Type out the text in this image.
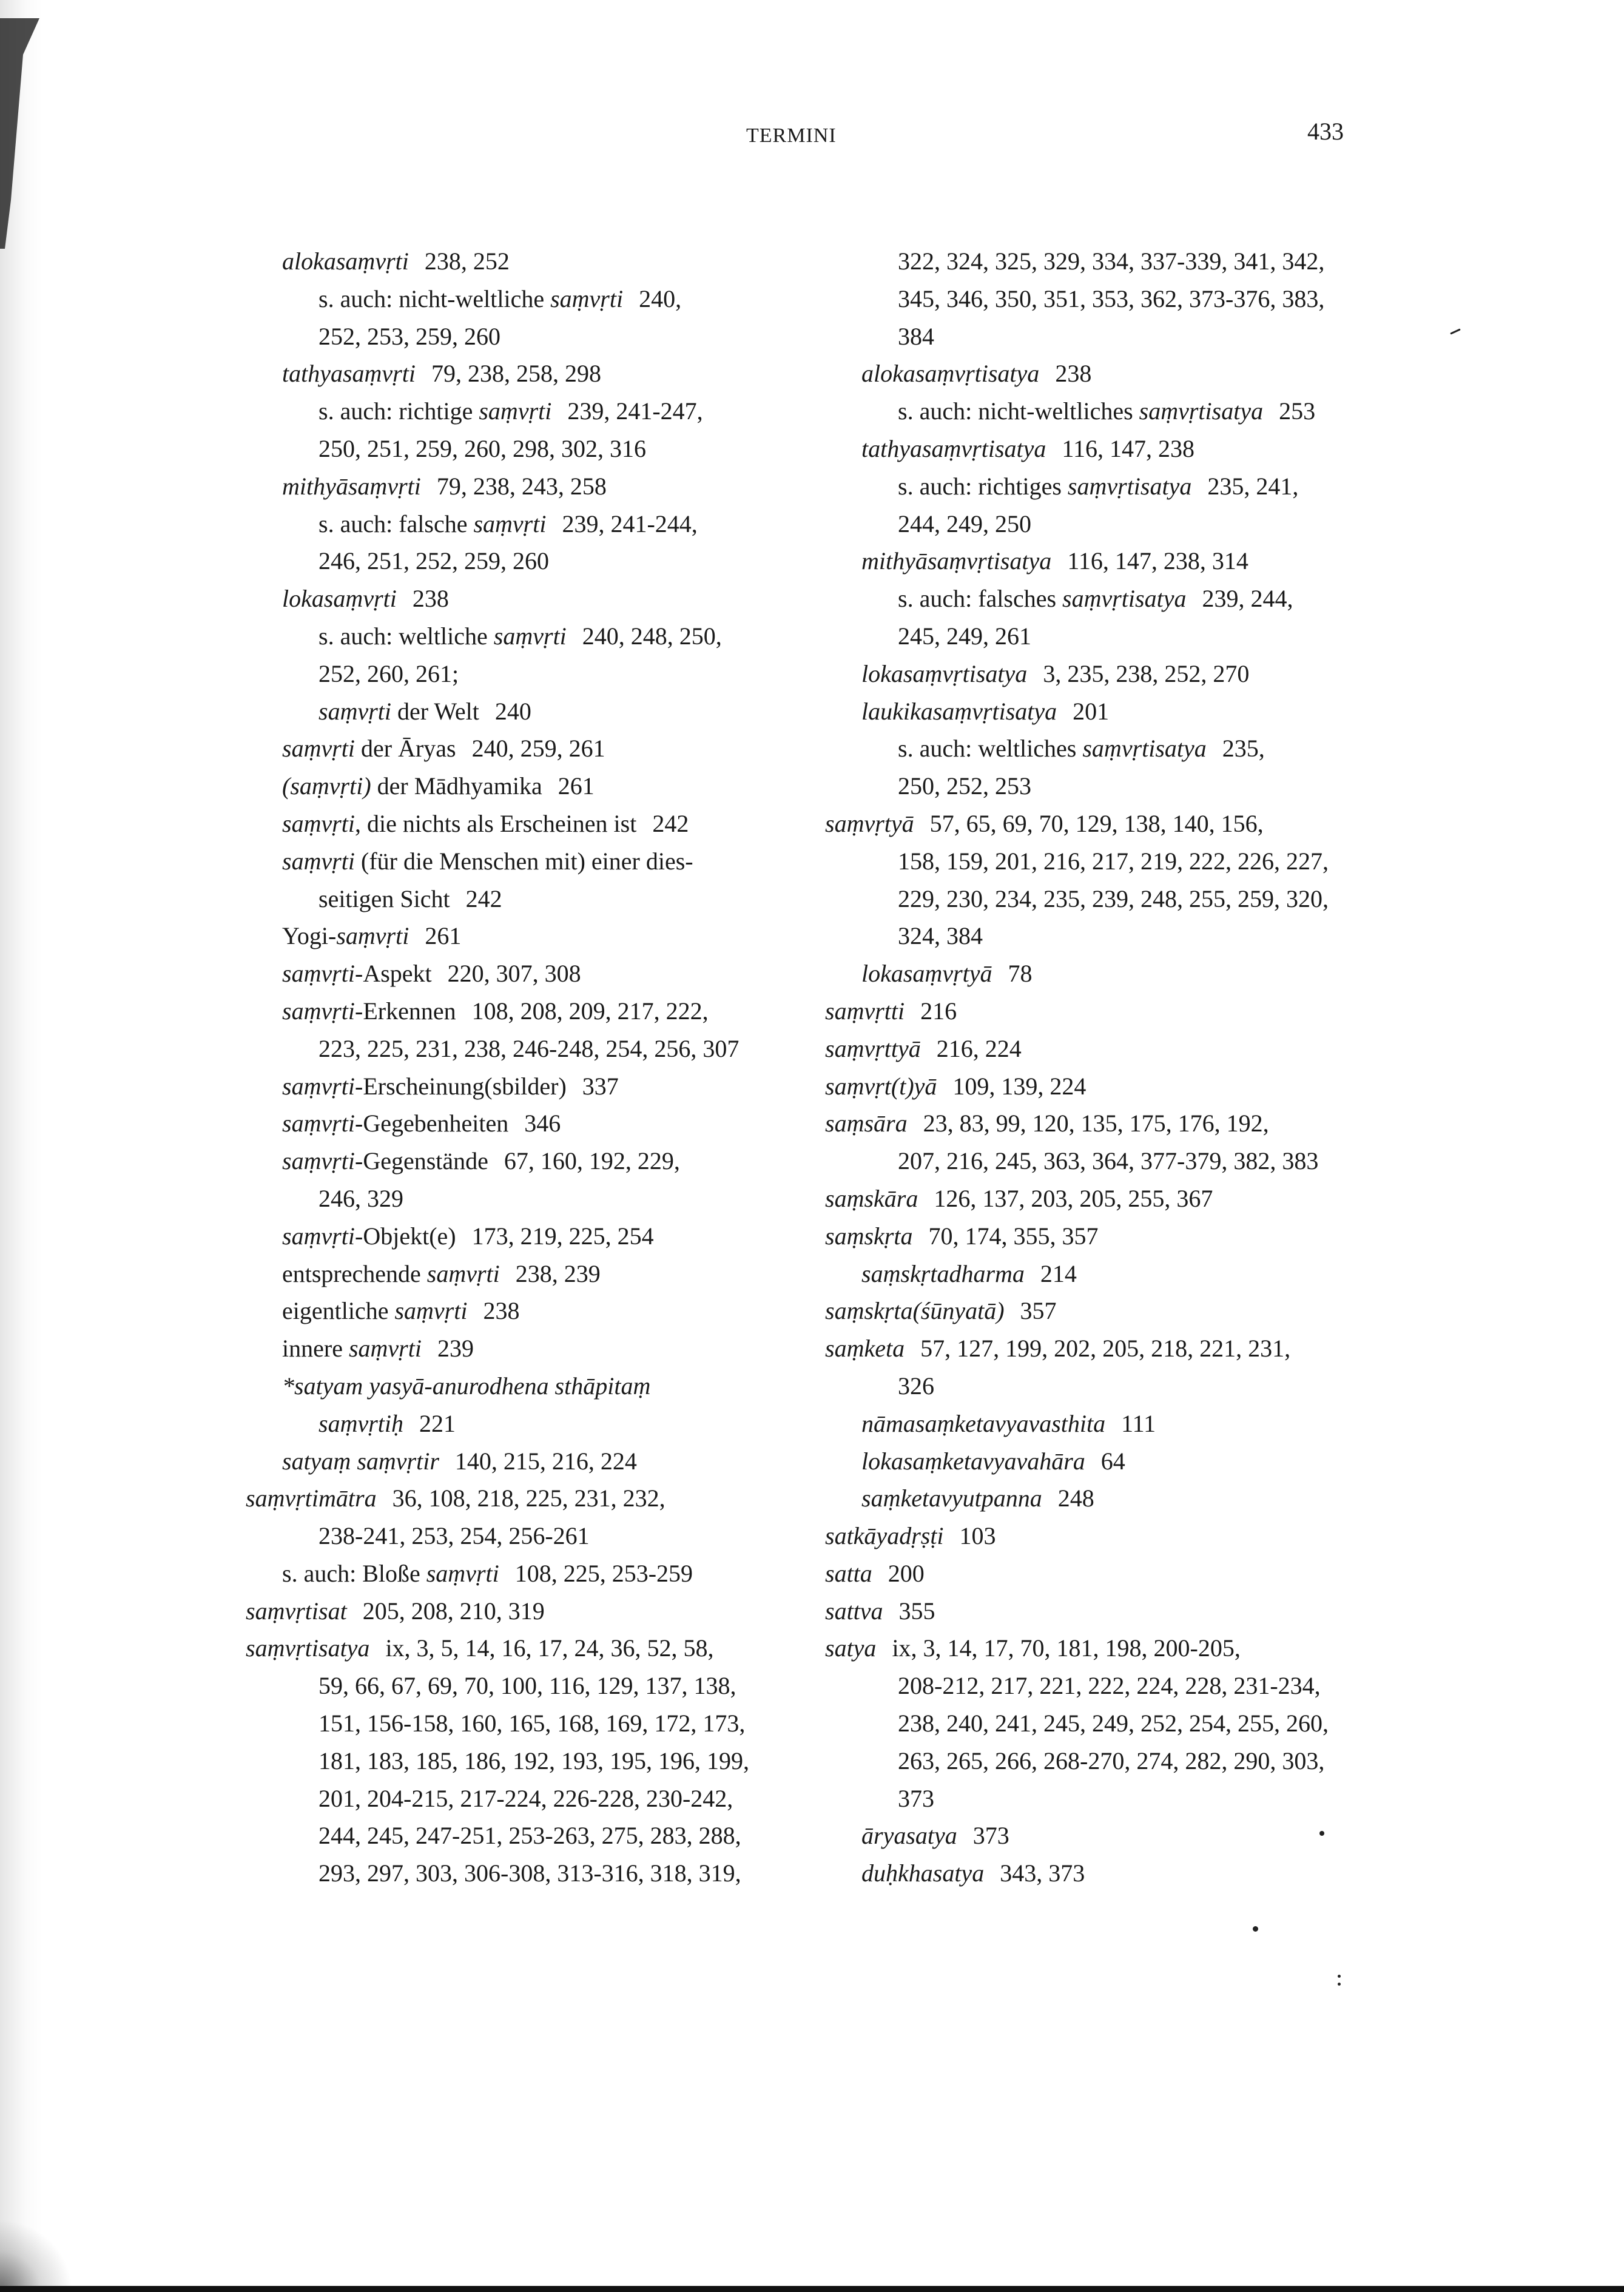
TERMINI	433
alokasaṃvṛti 238, 252
s. auch: nicht-weltliche saṃvṛti 240,
252, 253, 259, 260
tathyasaṃvṛti 79, 238, 258, 298
s. auch: richtige saṃvṛti 239, 241-247,
250, 251, 259, 260, 298, 302, 316
mithyāsaṃvṛti 79, 238, 243, 258
s. auch: falsche saṃvṛti 239, 241-244,
246, 251, 252, 259, 260
lokasaṃvṛti 238
s. auch: weltliche saṃvṛti 240, 248, 250,
252, 260, 261;
saṃvṛti der Welt 240
saṃvṛti der Āryas 240, 259, 261
(saṃvṛti) der Mādhyamika 261
saṃvṛti, die nichts als Erscheinen ist 242
saṃvṛti (für die Menschen mit) einer dies-
seitigen Sicht 242
Yogi-saṃvṛti 261
saṃvṛti-Aspekt 220, 307, 308
saṃvṛti-Erkennen 108, 208, 209, 217, 222,
223, 225, 231, 238, 246-248, 254, 256, 307
saṃvṛti-Erscheinung(sbilder) 337
saṃvṛti-Gegebenheiten 346
saṃvṛti-Gegenstände 67, 160, 192, 229,
246, 329
saṃvṛti-Objekt(e) 173, 219, 225, 254
entsprechende saṃvṛti 238, 239
eigentliche saṃvṛti 238
innere saṃvṛti 239
*satyam yasyā-anurodhena sthāpitaṃ
saṃvṛtiḥ 221
satyaṃ saṃvṛtir 140, 215, 216, 224
saṃvṛtimātra 36, 108, 218, 225, 231, 232,
238-241, 253, 254, 256-261
s. auch: Bloße saṃvṛti 108, 225, 253-259
saṃvṛtisat 205, 208, 210, 319
saṃvṛtisatya ix, 3, 5, 14, 16, 17, 24, 36, 52, 58,
59, 66, 67, 69, 70, 100, 116, 129, 137, 138,
151, 156-158, 160, 165, 168, 169, 172, 173,
181, 183, 185, 186, 192, 193, 195, 196, 199,
201, 204-215, 217-224, 226-228, 230-242,
244, 245, 247-251, 253-263, 275, 283, 288,
293, 297, 303, 306-308, 313-316, 318, 319,
322, 324, 325, 329, 334, 337-339, 341, 342,
345, 346, 350, 351, 353, 362, 373-376, 383,
384
alokasaṃvṛtisatya 238
s. auch: nicht-weltliches saṃvṛtisatya 253
tathyasaṃvṛtisatya 116, 147, 238
s. auch: richtiges saṃvṛtisatya 235, 241,
244, 249, 250
mithyāsaṃvṛtisatya 116, 147, 238, 314
s. auch: falsches saṃvṛtisatya 239, 244,
245, 249, 261
lokasaṃvṛtisatya 3, 235, 238, 252, 270
laukikasaṃvṛtisatya 201
s. auch: weltliches saṃvṛtisatya 235,
250, 252, 253
saṃvṛtyā 57, 65, 69, 70, 129, 138, 140, 156,
158, 159, 201, 216, 217, 219, 222, 226, 227,
229, 230, 234, 235, 239, 248, 255, 259, 320,
324, 384
lokasaṃvṛtyā 78
saṃvṛtti 216
saṃvṛttyā 216, 224
saṃvṛt(t)yā 109, 139, 224
saṃsāra 23, 83, 99, 120, 135, 175, 176, 192,
207, 216, 245, 363, 364, 377-379, 382, 383
saṃskāra 126, 137, 203, 205, 255, 367
saṃskṛta 70, 174, 355, 357
saṃskṛtadharma 214
saṃskṛta(śūnyatā) 357
saṃketa 57, 127, 199, 202, 205, 218, 221, 231,
326
nāmasaṃketavyavasthita 111
lokasaṃketavyavahāra 64
saṃketavyutpanna 248
satkāyadṛṣṭi 103
satta 200
sattva 355
satya ix, 3, 14, 17, 70, 181, 198, 200-205,
208-212, 217, 221, 222, 224, 228, 231-234,
238, 240, 241, 245, 249, 252, 254, 255, 260,
263, 265, 266, 268-270, 274, 282, 290, 303,
373
āryasatya 373
duḥkhasatya 343, 373
